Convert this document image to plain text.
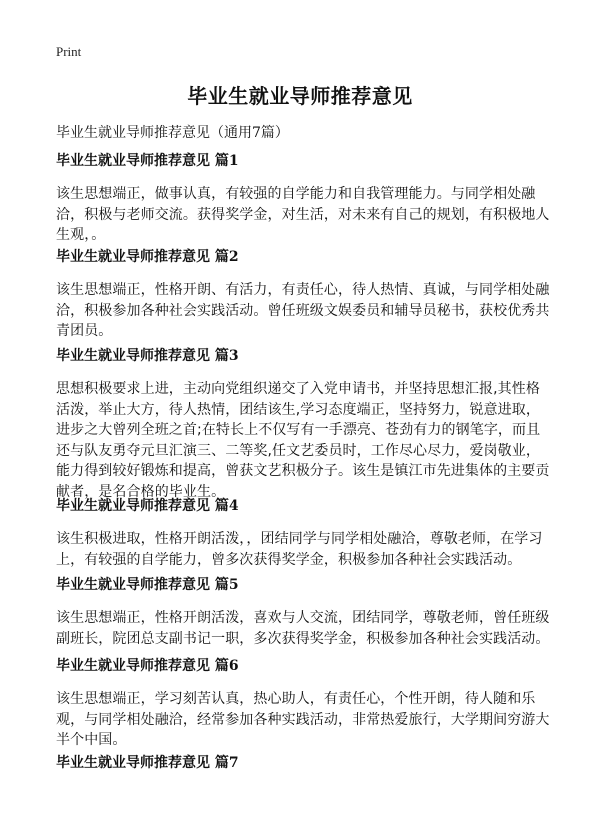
Print
毕业生就业导师推荐意见
毕业生就业导师推荐意见（通用7篇）
毕业生就业导师推荐意见 篇1

该生思想端正，做事认真，有较强的自学能力和自我管理能力。与同学相处融洽，积极与老师交流。获得奖学金，对生活，对未来有自己的规划，有积极地人生观，。

毕业生就业导师推荐意见 篇2

该生思想端正，性格开朗、有活力，有责任心，待人热情、真诚，与同学相处融洽，积极参加各种社会实践活动。曾任班级文娱委员和辅导员秘书，获校优秀共青团员。

毕业生就业导师推荐意见 篇3

思想积极要求上进，主动向党组织递交了入党申请书，并坚持思想汇报,其性格活泼，举止大方，待人热情，团结该生,学习态度端正，坚持努力，锐意进取，进步之大曾列全班之首;在特长上不仅写有一手漂亮、苍劲有力的钢笔字，而且还与队友勇夺元旦汇演三、二等奖,任文艺委员时，工作尽心尽力，爱岗敬业，能力得到较好锻炼和提高，曾获文艺积极分子。该生是镇江市先进集体的主要贡献者，是名合格的毕业生。

毕业生就业导师推荐意见 篇4

该生积极进取，性格开朗活泼，，团结同学与同学相处融洽，尊敬老师，在学习上，有较强的自学能力，曾多次获得奖学金，积极参加各种社会实践活动。

毕业生就业导师推荐意见 篇5

该生思想端正，性格开朗活泼，喜欢与人交流，团结同学，尊敬老师，曾任班级副班长，院团总支副书记一职，多次获得奖学金，积极参加各种社会实践活动。

毕业生就业导师推荐意见 篇6

该生思想端正，学习刻苦认真，热心助人，有责任心，个性开朗，待人随和乐观，与同学相处融洽，经常参加各种实践活动，非常热爱旅行，大学期间穷游大半个中国。

毕业生就业导师推荐意见 篇7
